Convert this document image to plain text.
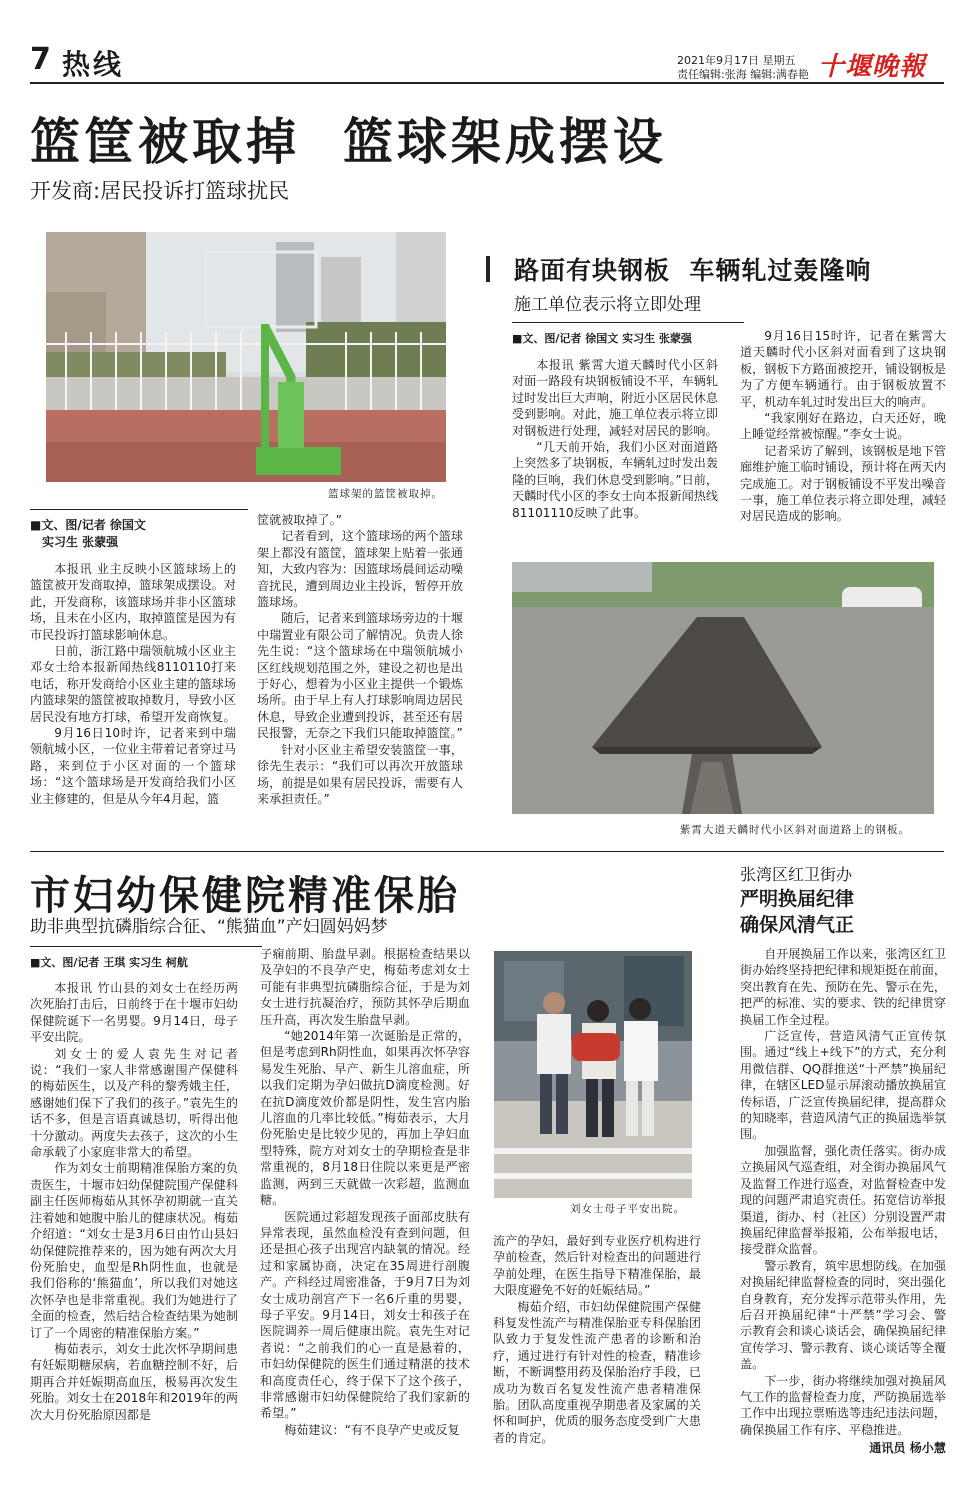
7 热线	2021年9月17日 星期五
责任编辑:张海 编辑:满春艳 十堰晚報
篮筐被取掉  篮球架成摆设
开发商:居民投诉打篮球扰民
篮球架的篮筐被取掉。
■文、图/记者 徐国文
实习生 张蒙强

本报讯 业主反映小区篮球场上的篮筐被开发商取掉，篮球架成摆设。对此，开发商称，该篮球场并非小区篮球场，且未在小区内，取掉篮筐是因为有市民投诉打篮球影响休息。

日前，浙江路中瑞领航城小区业主邓女士给本报新闻热线8110110打来电话，称开发商给小区业主建的篮球场内篮球架的篮筐被取掉数月，导致小区居民没有地方打球，希望开发商恢复。

9月16日10时许，记者来到中瑞领航城小区，一位业主带着记者穿过马路，来到位于小区对面的一个篮球场：“这个篮球场是开发商给我们小区业主修建的，但是从今年4月起，篮

筐就被取掉了。”

记者看到，这个篮球场的两个篮球架上都没有篮筐，篮球架上贴着一张通知，大致内容为：因篮球场晨间运动噪音扰民，遭到周边业主投诉，暂停开放篮球场。

随后，记者来到篮球场旁边的十堰中瑞置业有限公司了解情况。负责人徐先生说：“这个篮球场在中瑞领航城小区红线规划范围之外，建设之初也是出于好心，想着为小区业主提供一个锻炼场所。由于早上有人打球影响周边居民休息，导致企业遭到投诉，甚至还有居民报警，无奈之下我们只能取掉篮筐。”

针对小区业主希望安装篮筐一事，徐先生表示：“我们可以再次开放篮球场，前提是如果有居民投诉，需要有人来承担责任。”

路面有块钢板  车辆轧过轰隆响
施工单位表示将立即处理
■文、图/记者 徐国文 实习生 张蒙强

本报讯 紫霄大道天麟时代小区斜对面一路段有块钢板铺设不平，车辆轧过时发出巨大声响，附近小区居民休息受到影响。对此，施工单位表示将立即对钢板进行处理，减轻对居民的影响。

“几天前开始，我们小区对面道路上突然多了块钢板，车辆轧过时发出轰隆的巨响，我们休息受到影响。”日前，天麟时代小区的李女士向本报新闻热线81101110反映了此事。

9月16日15时许，记者在紫霄大道天麟时代小区斜对面看到了这块钢板，钢板下方路面被挖开，铺设钢板是为了方便车辆通行。由于钢板放置不平，机动车轧过时发出巨大的响声。

“我家刚好在路边，白天还好，晚上睡觉经常被惊醒。”李女士说。

记者采访了解到，该钢板是地下管廊维护施工临时铺设，预计将在两天内完成施工。对于钢板铺设不平发出噪音一事，施工单位表示将立即处理，减轻对居民造成的影响。

紫霄大道天麟时代小区斜对面道路上的钢板。
市妇幼保健院精准保胎
助非典型抗磷脂综合征、“熊猫血”产妇圆妈妈梦
■文、图/记者 王琪 实习生 柯航

本报讯 竹山县的刘女士在经历两次死胎打击后，日前终于在十堰市妇幼保健院诞下一名男婴。9月14日，母子平安出院。

刘女士的爱人袁先生对记者说：“我们一家人非常感谢围产保健科的梅茹医生，以及产科的黎秀娥主任，感谢她们保下了我们的孩子。”袁先生的话不多，但是言语真诚恳切，听得出他十分激动。两度失去孩子，这次的小生命承载了小家庭非常大的希望。

作为刘女士前期精准保胎方案的负责医生，十堰市妇幼保健院围产保健科副主任医师梅茹从其怀孕初期就一直关注着她和她腹中胎儿的健康状况。梅茹介绍道：“刘女士是3月6日由竹山县妇幼保健院推荐来的，因为她有两次大月份死胎史，血型是Rh阴性血，也就是我们俗称的‘熊猫血’，所以我们对她这次怀孕也是非常重视。我们为她进行了全面的检查，然后结合检查结果为她制订了一个周密的精准保胎方案。”

梅茹表示，刘女士此次怀孕期间患有妊娠期糖尿病，若血糖控制不好，后期再合并妊娠期高血压，极易再次发生死胎。刘女士在2018年和2019年的两次大月份死胎原因都是

子痫前期、胎盘早剥。根据检查结果以及孕妇的不良孕产史，梅茹考虑刘女士可能有非典型抗磷脂综合征，于是为刘女士进行抗凝治疗，预防其怀孕后期血压升高，再次发生胎盘早剥。

“她2014年第一次诞胎是正常的，但是考虑到Rh阴性血，如果再次怀孕容易发生死胎、早产、新生儿溶血症，所以我们定期为孕妇做抗D滴度检测。好在抗D滴度效价都是阴性，发生宫内胎儿溶血的几率比较低。”梅茹表示，大月份死胎史是比较少见的，再加上孕妇血型特殊，院方对刘女士的孕期检查是非常重视的，8月18日住院以来更是严密监测，两到三天就做一次彩超，监测血糖。

医院通过彩超发现孩子面部皮肤有异常表现，虽然血检没有查到问题，但还是担心孩子出现宫内缺氧的情况。经过和家属协商，决定在35周进行剖腹产。产科经过周密准备，于9月7日为刘女士成功剖宫产下一名6斤重的男婴，母子平安。9月14日，刘女士和孩子在医院调养一周后健康出院。袁先生对记者说：“之前我们的心一直是悬着的，市妇幼保健院的医生们通过精湛的技术和高度责任心，终于保下了这个孩子，非常感谢市妇幼保健院给了我们家新的希望。”

梅茹建议：“有不良孕产史或反复

刘女士母子平安出院。

流产的孕妇，最好到专业医疗机构进行孕前检查，然后针对检查出的问题进行孕前处理，在医生指导下精准保胎，最大限度避免不好的妊娠结局。”

梅茹介绍，市妇幼保健院围产保健科复发性流产与精准保胎亚专科保胎团队致力于复发性流产患者的诊断和治疗，通过进行有针对性的检查，精准诊断，不断调整用药及保胎治疗手段，已成功为数百名复发性流产患者精准保胎。团队高度重视孕期患者及家属的关怀和呵护，优质的服务态度受到广大患者的肯定。

张湾区红卫街办
严明换届纪律
确保风清气正

自开展换届工作以来，张湾区红卫街办始终坚持把纪律和规矩挺在前面，突出教育在先、预防在先、警示在先，把严的标准、实的要求、铁的纪律贯穿换届工作全过程。

广泛宣传，营造风清气正宣传氛围。通过“线上+线下”的方式，充分利用微信群、QQ群推送“十严禁”换届纪律，在辖区LED显示屏滚动播放换届宣传标语，广泛宣传换届纪律，提高群众的知晓率，营造风清气正的换届选举氛围。

加强监督，强化责任落实。街办成立换届风气巡查组，对全街办换届风气及监督工作进行巡查，对监督检查中发现的问题严肃追究责任。拓宽信访举报渠道，街办、村（社区）分别设置严肃换届纪律监督举报箱，公布举报电话，接受群众监督。

警示教育，筑牢思想防线。在加强对换届纪律监督检查的同时，突出强化自身教育，充分发挥示范带头作用，先后召开换届纪律“十严禁”学习会、警示教育会和谈心谈话会，确保换届纪律宣传学习、警示教育、谈心谈话等全覆盖。

下一步，街办将继续加强对换届风气工作的监督检查力度，严防换届选举工作中出现拉票贿选等违纪违法问题，确保换届工作有序、平稳推进。

通讯员 杨小慧
